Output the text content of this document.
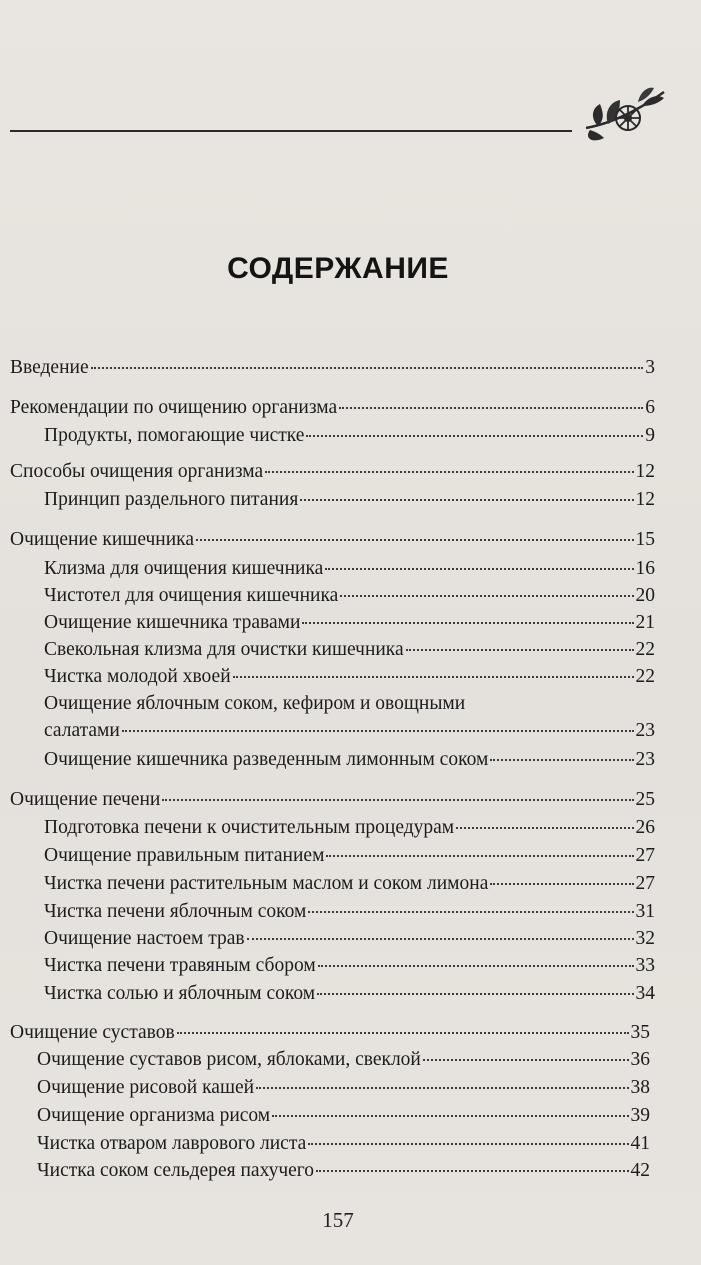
СОДЕРЖАНИЕ
Введение	3
Рекомендации по очищению организма	6
Продукты, помогающие чистке	9
Способы очищения организма	12
Принцип раздельного питания	12
Очищение кишечника	15
Клизма для очищения кишечника	16
Чистотел для очищения кишечника	20
Очищение кишечника травами	21
Свекольная клизма для очистки кишечника	22
Чистка молодой хвоей	22
Очищение яблочным соком, кефиром и овощными
салатами	23
Очищение кишечника разведенным лимонным соком	23
Очищение печени	25
Подготовка печени к очистительным процедурам	26
Очищение правильным питанием	27
Чистка печени растительным маслом и соком лимона	27
Чистка печени яблочным соком	31
Очищение настоем трав	32
Чистка печени травяным сбором	33
Чистка солью и яблочным соком	34
Очищение суставов	35
Очищение суставов рисом, яблоками, свеклой	36
Очищение рисовой кашей	38
Очищение организма рисом	39
Чистка отваром лаврового листа	41
Чистка соком сельдерея пахучего	42
157
